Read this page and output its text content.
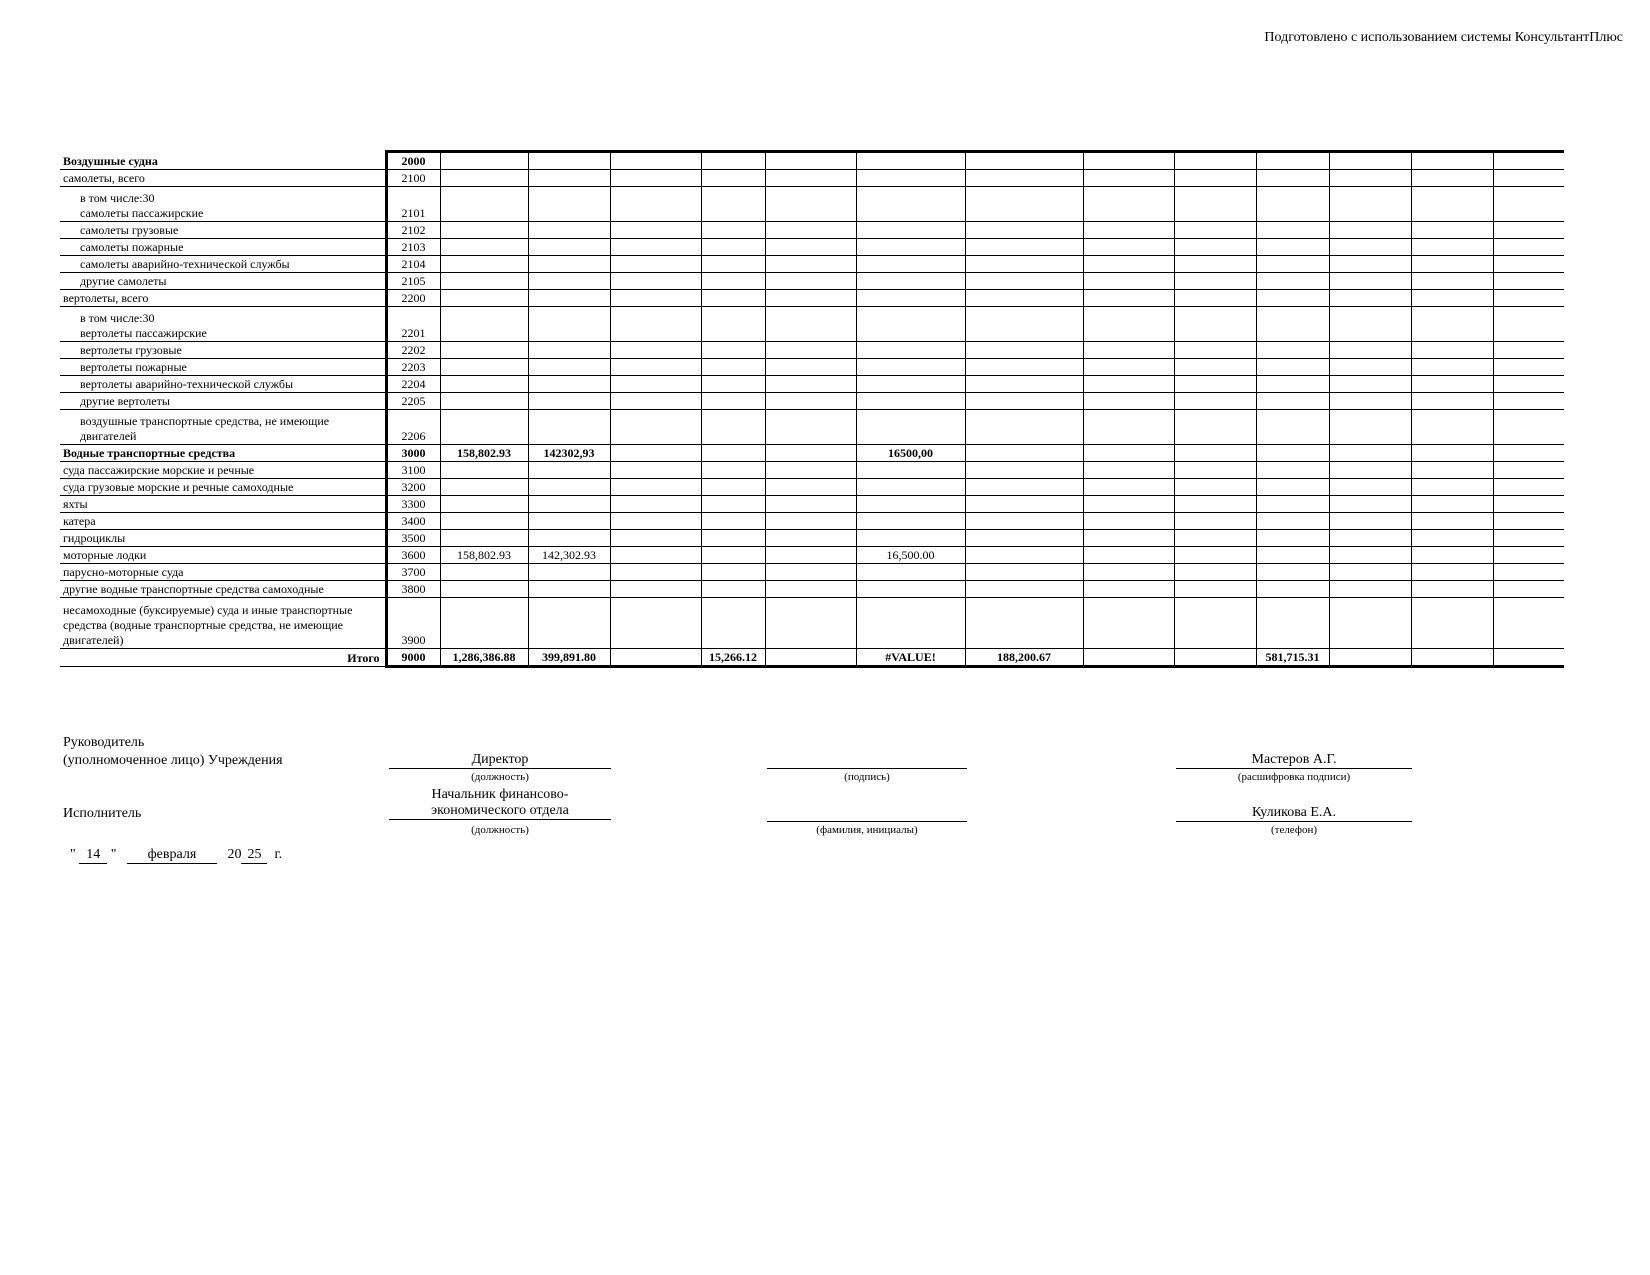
Подготовлено с использованием системы КонсультантПлюс
Воздушные судна	2000													
самолеты, всего	2100													
в том числе:30
самолеты пассажирские	2101													
самолеты грузовые	2102													
самолеты пожарные	2103													
самолеты аварийно-технической службы	2104													
другие самолеты	2105													
вертолеты, всего	2200													
в том числе:30
вертолеты пассажирские	2201													
вертолеты грузовые	2202													
вертолеты пожарные	2203													
вертолеты аварийно-технической службы	2204													
другие вертолеты	2205													
воздушные транспортные средства, не имеющие двигателей	2206													
Водные транспортные средства	3000	158,802.93	142302,93				16500,00							
суда пассажирские морские и речные	3100													
суда грузовые морские и речные самоходные	3200													
яхты	3300													
катера	3400													
гидроциклы	3500													
моторные лодки	3600	158,802.93	142,302.93				16,500.00							
парусно-моторные суда	3700													
другие водные транспортные средства самоходные	3800													
несамоходные (буксируемые) суда и иные транспортные средства (водные транспортные средства, не имеющие двигателей)	3900													
Итого	9000	1,286,386.88	399,891.80		15,266.12		#VALUE!	188,200.67			581,715.31			
Руководитель
(уполномоченное лицо) Учреждения	Директор
(должность)	(подпись)
Мастеров А.Г.
(расшифровка подписи)
Исполнитель
Начальник финансово-экономического отдела
(должность)	(фамилия, инициалы)
Куликова Е.А.
(телефон)
" 14 " февраля 20 25 г.
